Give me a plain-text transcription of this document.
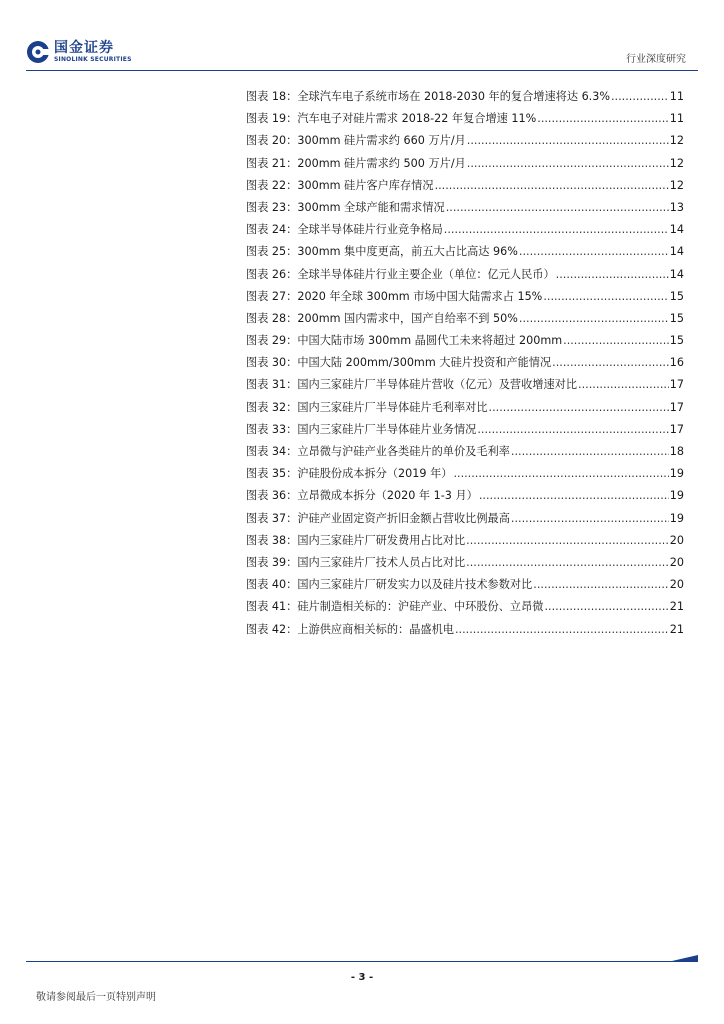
国金证券
SINOLINK SECURITIES	行业深度研究
图表 18：全球汽车电子系统市场在 2018-2030 年的复合增速将达 6.3% .....	11
图表 19：汽车电子对硅片需求 2018-22 年复合增速 11% .....	11
图表 20：300mm 硅片需求约 660 万片/月 .....	12
图表 21：200mm 硅片需求约 500 万片/月 .....	12
图表 22：300mm 硅片客户库存情况 .....	12
图表 23：300mm 全球产能和需求情况 .....	13
图表 24：全球半导体硅片行业竞争格局 .....	14
图表 25：300mm 集中度更高，前五大占比高达 96% .....	14
图表 26：全球半导体硅片行业主要企业（单位：亿元人民币） .....	14
图表 27：2020 年全球 300mm 市场中国大陆需求占 15% .....	15
图表 28：200mm 国内需求中，国产自给率不到 50% .....	15
图表 29：中国大陆市场 300mm 晶圆代工未来将超过 200mm .....	15
图表 30：中国大陆 200mm/300mm 大硅片投资和产能情况 .....	16
图表 31：国内三家硅片厂半导体硅片营收（亿元）及营收增速对比 .....	17
图表 32：国内三家硅片厂半导体硅片毛利率对比 .....	17
图表 33：国内三家硅片厂半导体硅片业务情况 .....	17
图表 34：立昂微与沪硅产业各类硅片的单价及毛利率 .....	18
图表 35：沪硅股份成本拆分（2019 年） .....	19
图表 36：立昂微成本拆分（2020 年 1-3 月） .....	19
图表 37：沪硅产业固定资产折旧金额占营收比例最高 .....	19
图表 38：国内三家硅片厂研发费用占比对比 .....	20
图表 39：国内三家硅片厂技术人员占比对比 .....	20
图表 40：国内三家硅片厂研发实力以及硅片技术参数对比 .....	20
图表 41：硅片制造相关标的：沪硅产业、中环股份、立昂微 .....	21
图表 42：上游供应商相关标的：晶盛机电 .....	21
- 3 -
敬请参阅最后一页特别声明
